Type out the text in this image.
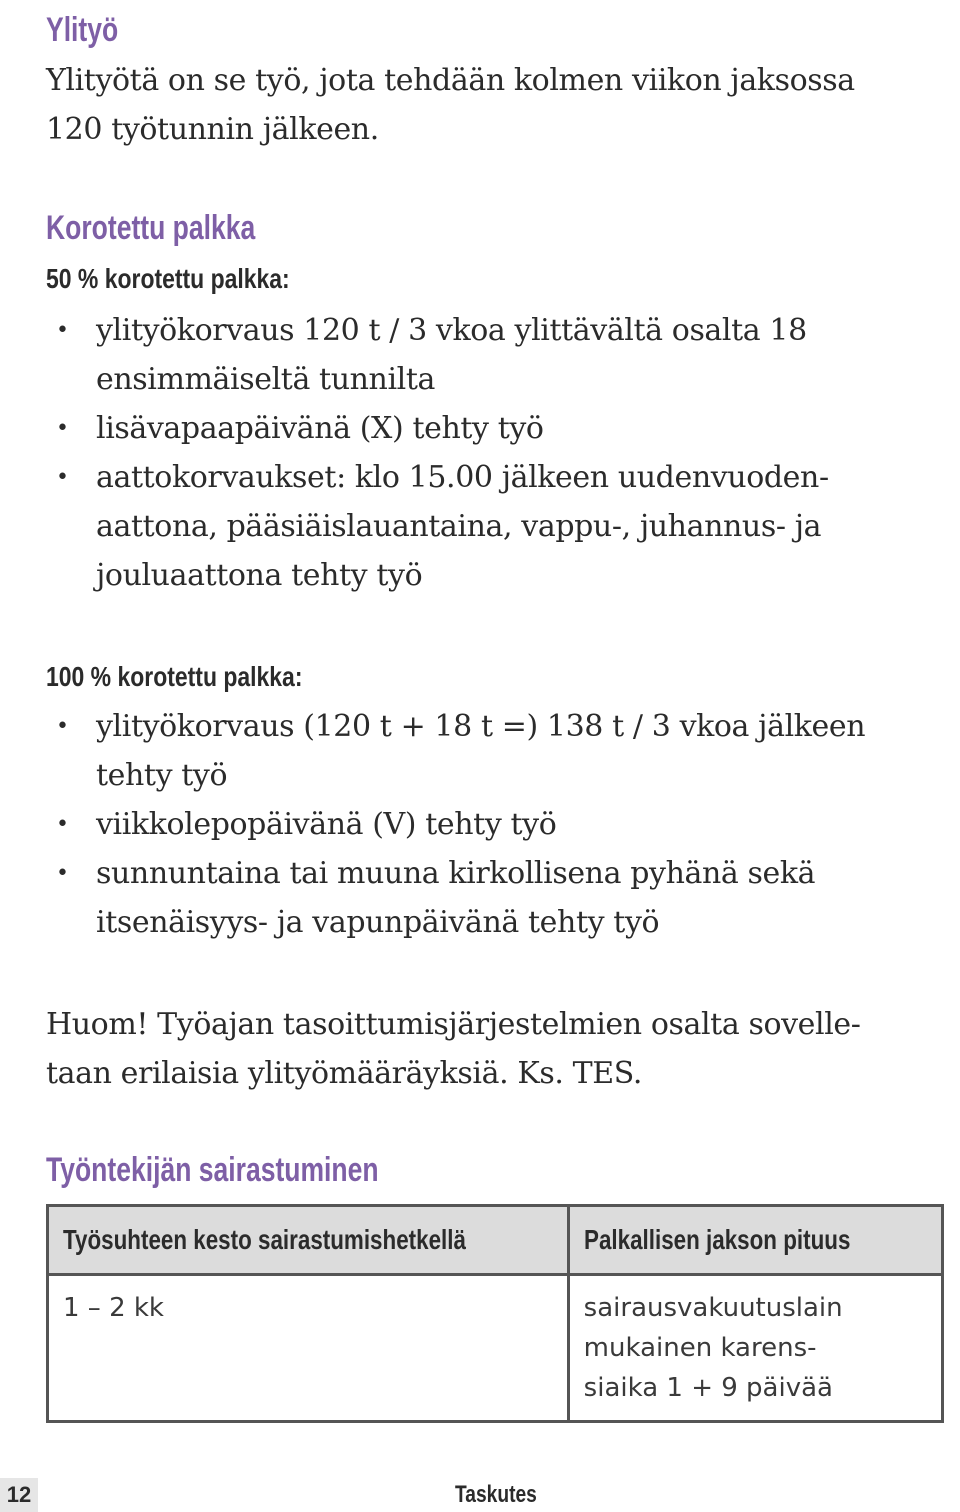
Ylityö

Ylityötä on se työ, jota tehdään kolmen viikon jaksossa
120 työtunnin jälkeen.

Korotettu palkka
50 % korotettu palkka:
• ylityökorvaus 120 t / 3 vkoa ylittävältä osalta 18
ensimmäiseltä tunnilta
• lisävapaapäivänä (X) tehty työ
• aattokorvaukset: klo 15.00 jälkeen uudenvuoden-
aattona, pääsiäislauantaina, vappu-, juhannus- ja
jouluaattona tehty työ
100 % korotettu palkka:
• ylityökorvaus (120 t + 18 t =) 138 t / 3 vkoa jälkeen
tehty työ
• viikkolepopäivänä (V) tehty työ
• sunnuntaina tai muuna kirkollisena pyhänä sekä
itsenäisyys- ja vapunpäivänä tehty työ

Huom! Työajan tasoittumisjärjestelmien osalta sovelle-
taan erilaisia ylityömääräyksiä. Ks. TES.

Työntekijän sairastuminen
Työsuhteen kesto sairastumishetkellä	Palkallisen jakson pituus
1 – 2 kk	sairausvakuutuslain
mukainen karens-
siaika 1 + 9 päivää
12	Taskutes
